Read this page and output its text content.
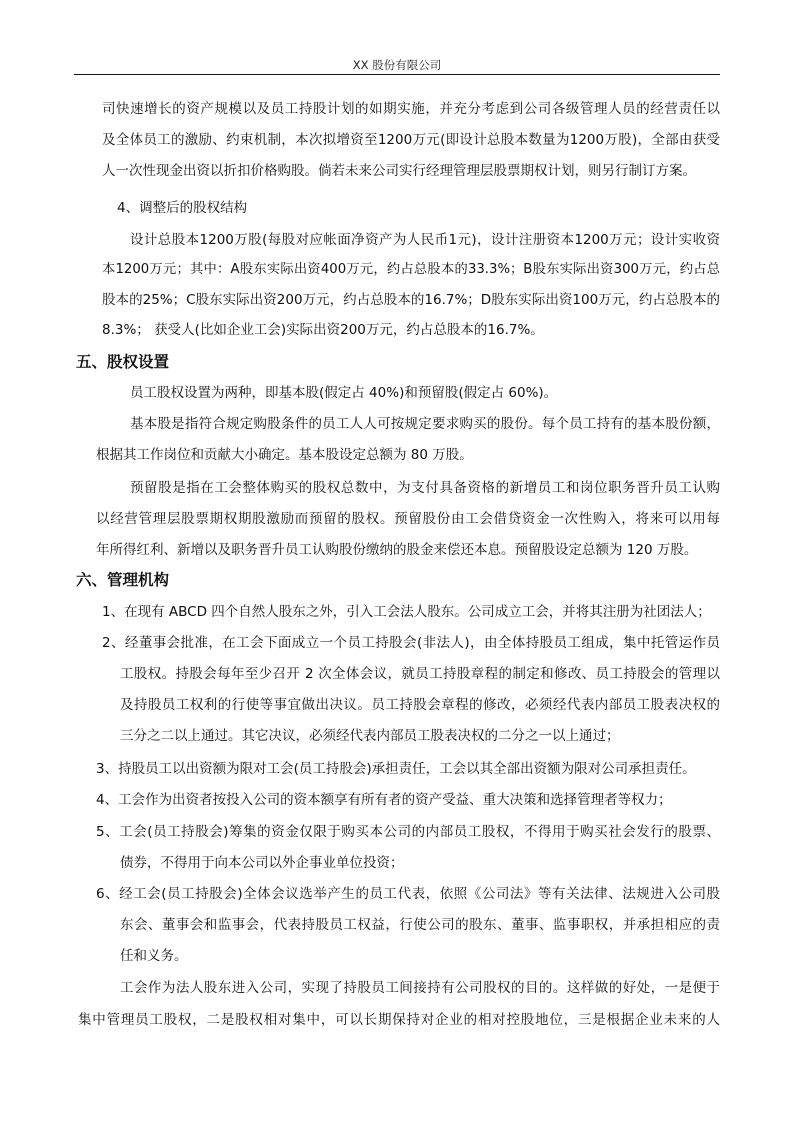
XX 股份有限公司
司快速增长的资产规模以及员工持股计划的如期实施，并充分考虑到公司各级管理人员的经营责任以
及全体员工的激励、约束机制，本次拟增资至1200万元(即设计总股本数量为1200万股)，全部由获受
人一次性现金出资以折扣价格购股。倘若未来公司实行经理管理层股票期权计划，则另行制订方案。
4、调整后的股权结构
设计总股本1200万股(每股对应帐面净资产为人民币1元)，设计注册资本1200万元；设计实收资
本1200万元；其中：A股东实际出资400万元，约占总股本的33.3%；B股东实际出资300万元，约占总
股本的25%；C股东实际出资200万元，约占总股本的16.7%；D股东实际出资100万元，约占总股本的
8.3%； 获受人(比如企业工会)实际出资200万元，约占总股本的16.7%。
五、股权设置
员工股权设置为两种，即基本股(假定占 40%)和预留股(假定占 60%)。
基本股是指符合规定购股条件的员工人人可按规定要求购买的股份。每个员工持有的基本股份额，
根据其工作岗位和贡献大小确定。基本股设定总额为 80 万股。
预留股是指在工会整体购买的股权总数中，为支付具备资格的新增员工和岗位职务晋升员工认购
以经营管理层股票期权期股激励而预留的股权。预留股份由工会借贷资金一次性购入，将来可以用每
年所得红利、新增以及职务晋升员工认购股份缴纳的股金来偿还本息。预留股设定总额为 120 万股。
六、管理机构
1、在现有 ABCD 四个自然人股东之外，引入工会法人股东。公司成立工会，并将其注册为社团法人；
2、经董事会批准，在工会下面成立一个员工持股会(非法人)，由全体持股员工组成，集中托管运作员
工股权。持股会每年至少召开 2 次全体会议，就员工持股章程的制定和修改、员工持股会的管理以
及持股员工权利的行使等事宜做出决议。员工持股会章程的修改，必须经代表内部员工股表决权的
三分之二以上通过。其它决议，必须经代表内部员工股表决权的二分之一以上通过；
3、持股员工以出资额为限对工会(员工持股会)承担责任，工会以其全部出资额为限对公司承担责任。
4、工会作为出资者按投入公司的资本额享有所有者的资产受益、重大决策和选择管理者等权力；
5、工会(员工持股会)筹集的资金仅限于购买本公司的内部员工股权，不得用于购买社会发行的股票、
债券，不得用于向本公司以外企事业单位投资；
6、经工会(员工持股会)全体会议选举产生的员工代表，依照《公司法》等有关法律、法规进入公司股
东会、董事会和监事会，代表持股员工权益，行使公司的股东、董事、监事职权，并承担相应的责
任和义务。
工会作为法人股东进入公司，实现了持股员工间接持有公司股权的目的。这样做的好处，一是便于
集中管理员工股权，二是股权相对集中，可以长期保持对企业的相对控股地位，三是根据企业未来的人
